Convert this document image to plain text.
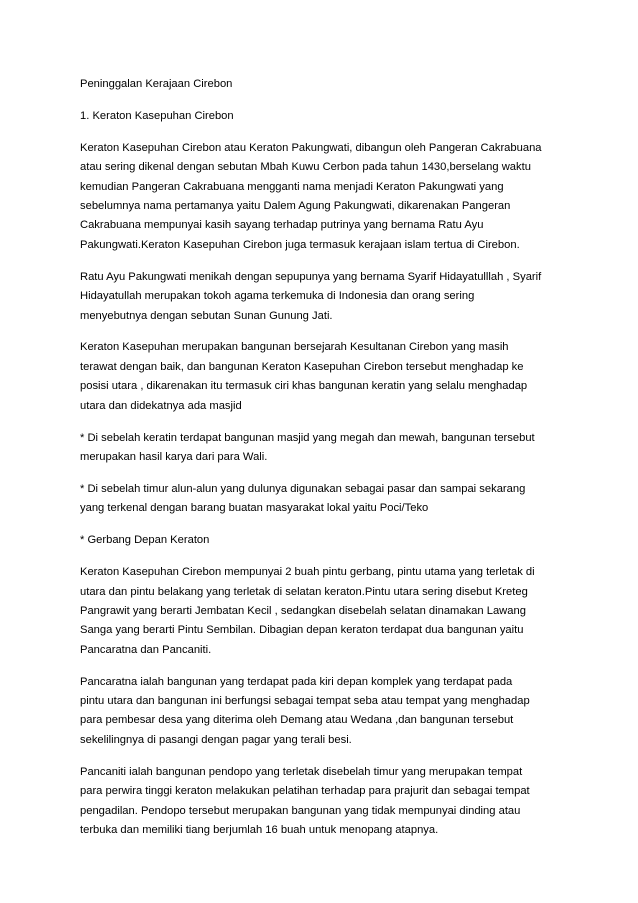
Peninggalan Kerajaan Cirebon

1. Keraton Kasepuhan Cirebon

Keraton Kasepuhan Cirebon atau Keraton Pakungwati, dibangun oleh Pangeran Cakrabuana
atau sering dikenal dengan sebutan Mbah Kuwu Cerbon pada tahun 1430,berselang waktu
kemudian Pangeran Cakrabuana mengganti nama menjadi Keraton Pakungwati yang
sebelumnya nama pertamanya yaitu Dalem Agung Pakungwati, dikarenakan Pangeran
Cakrabuana mempunyai kasih sayang terhadap putrinya yang bernama Ratu Ayu
Pakungwati.Keraton Kasepuhan Cirebon juga termasuk kerajaan islam tertua di Cirebon.

Ratu Ayu Pakungwati menikah dengan sepupunya yang bernama Syarif Hidayatulllah , Syarif
Hidayatullah merupakan tokoh agama terkemuka di Indonesia dan orang sering
menyebutnya dengan sebutan Sunan Gunung Jati.

Keraton Kasepuhan merupakan bangunan bersejarah Kesultanan Cirebon yang masih
terawat dengan baik, dan bangunan Keraton Kasepuhan Cirebon tersebut menghadap ke
posisi utara , dikarenakan itu termasuk ciri khas bangunan keratin yang selalu menghadap
utara dan didekatnya ada masjid

* Di sebelah keratin terdapat bangunan masjid yang megah dan mewah, bangunan tersebut
merupakan hasil karya dari para Wali.

* Di sebelah timur alun-alun yang dulunya digunakan sebagai pasar dan sampai sekarang
yang terkenal dengan barang buatan masyarakat lokal yaitu Poci/Teko

* Gerbang Depan Keraton

Keraton Kasepuhan Cirebon mempunyai 2 buah pintu gerbang, pintu utama yang terletak di
utara dan pintu belakang yang terletak di selatan keraton.Pintu utara sering disebut Kreteg
Pangrawit yang berarti Jembatan Kecil , sedangkan disebelah selatan dinamakan Lawang
Sanga yang berarti Pintu Sembilan. Dibagian depan keraton terdapat dua bangunan yaitu
Pancaratna dan Pancaniti.

Pancaratna ialah bangunan yang terdapat pada kiri depan komplek yang terdapat pada
pintu utara dan bangunan ini berfungsi sebagai tempat seba atau tempat yang menghadap
para pembesar desa yang diterima oleh Demang atau Wedana ,dan bangunan tersebut
sekelilingnya di pasangi dengan pagar yang terali besi.

Pancaniti ialah bangunan pendopo yang terletak disebelah timur yang merupakan tempat
para perwira tinggi keraton melakukan pelatihan terhadap para prajurit dan sebagai tempat
pengadilan. Pendopo tersebut merupakan bangunan yang tidak mempunyai dinding atau
terbuka dan memiliki tiang berjumlah 16 buah untuk menopang atapnya.
